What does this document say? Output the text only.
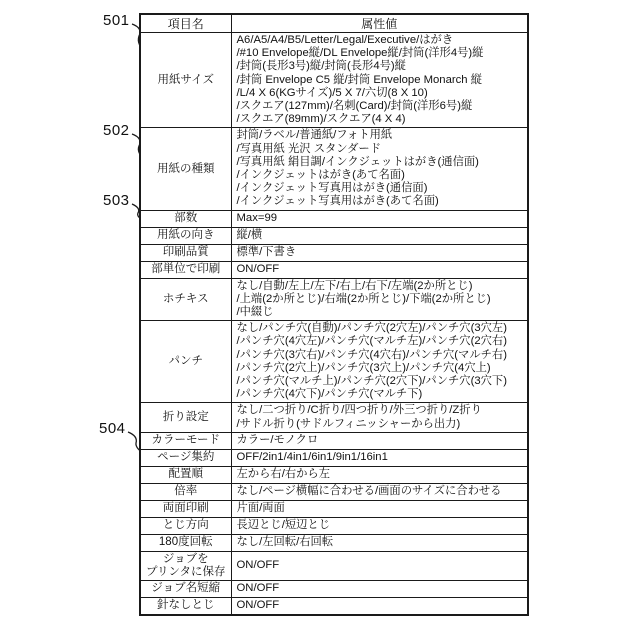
501
502
503
504
項目名	属性値
用紙サイズ	A6/A5/A4/B5/Letter/Legal/Executive/はがき
/#10 Envelope縦/DL Envelope縦/封筒(洋形4号)縦
/封筒(長形3号)縦/封筒(長形4号)縦
/封筒 Envelope C5 縦/封筒 Envelope Monarch 縦
/L/4 X 6(KGサイズ)/5 X 7/六切(8 X 10)
/スクエア(127mm)/名刺(Card)/封筒(洋形6号)縦
/スクエア(89mm)/スクエア(4 X 4)
用紙の種類	封筒/ラベル/普通紙/フォト用紙
/写真用紙 光沢 スタンダード
/写真用紙 絹目調/インクジェットはがき(通信面)
/インクジェットはがき(あて名面)
/インクジェット写真用はがき(通信面)
/インクジェット写真用はがき(あて名面)
部数	Max=99
用紙の向き	縦/横
印刷品質	標準/下書き
部単位で印刷	ON/OFF
ホチキス	なし/自動/左上/左下/右上/右下/左端(2か所とじ)
/上端(2か所とじ)/右端(2か所とじ)/下端(2か所とじ)
/中綴じ
パンチ	なし/パンチ穴(自動)/パンチ穴(2穴左)/パンチ穴(3穴左)
/パンチ穴(4穴左)/パンチ穴(マルチ左)/パンチ穴(2穴右)
/パンチ穴(3穴右)/パンチ穴(4穴右)/パンチ穴(マルチ右)
/パンチ穴(2穴上)/パンチ穴(3穴上)/パンチ穴(4穴上)
/パンチ穴(マルチ上)/パンチ穴(2穴下)/パンチ穴(3穴下)
/パンチ穴(4穴下)/パンチ穴(マルチ下)
折り設定	なし/二つ折り/C折り/四つ折り/外三つ折り/Z折り
/サドル折り(サドルフィニッシャーから出力)
カラーモード	カラー/モノクロ
ページ集約	OFF/2in1/4in1/6in1/9in1/16in1
配置順	左から右/右から左
倍率	なし/ページ横幅に合わせる/画面のサイズに合わせる
両面印刷	片面/両面
とじ方向	長辺とじ/短辺とじ
180度回転	なし/左回転/右回転
ジョブを
プリンタに保存	ON/OFF
ジョブ名短縮	ON/OFF
針なしとじ	ON/OFF
